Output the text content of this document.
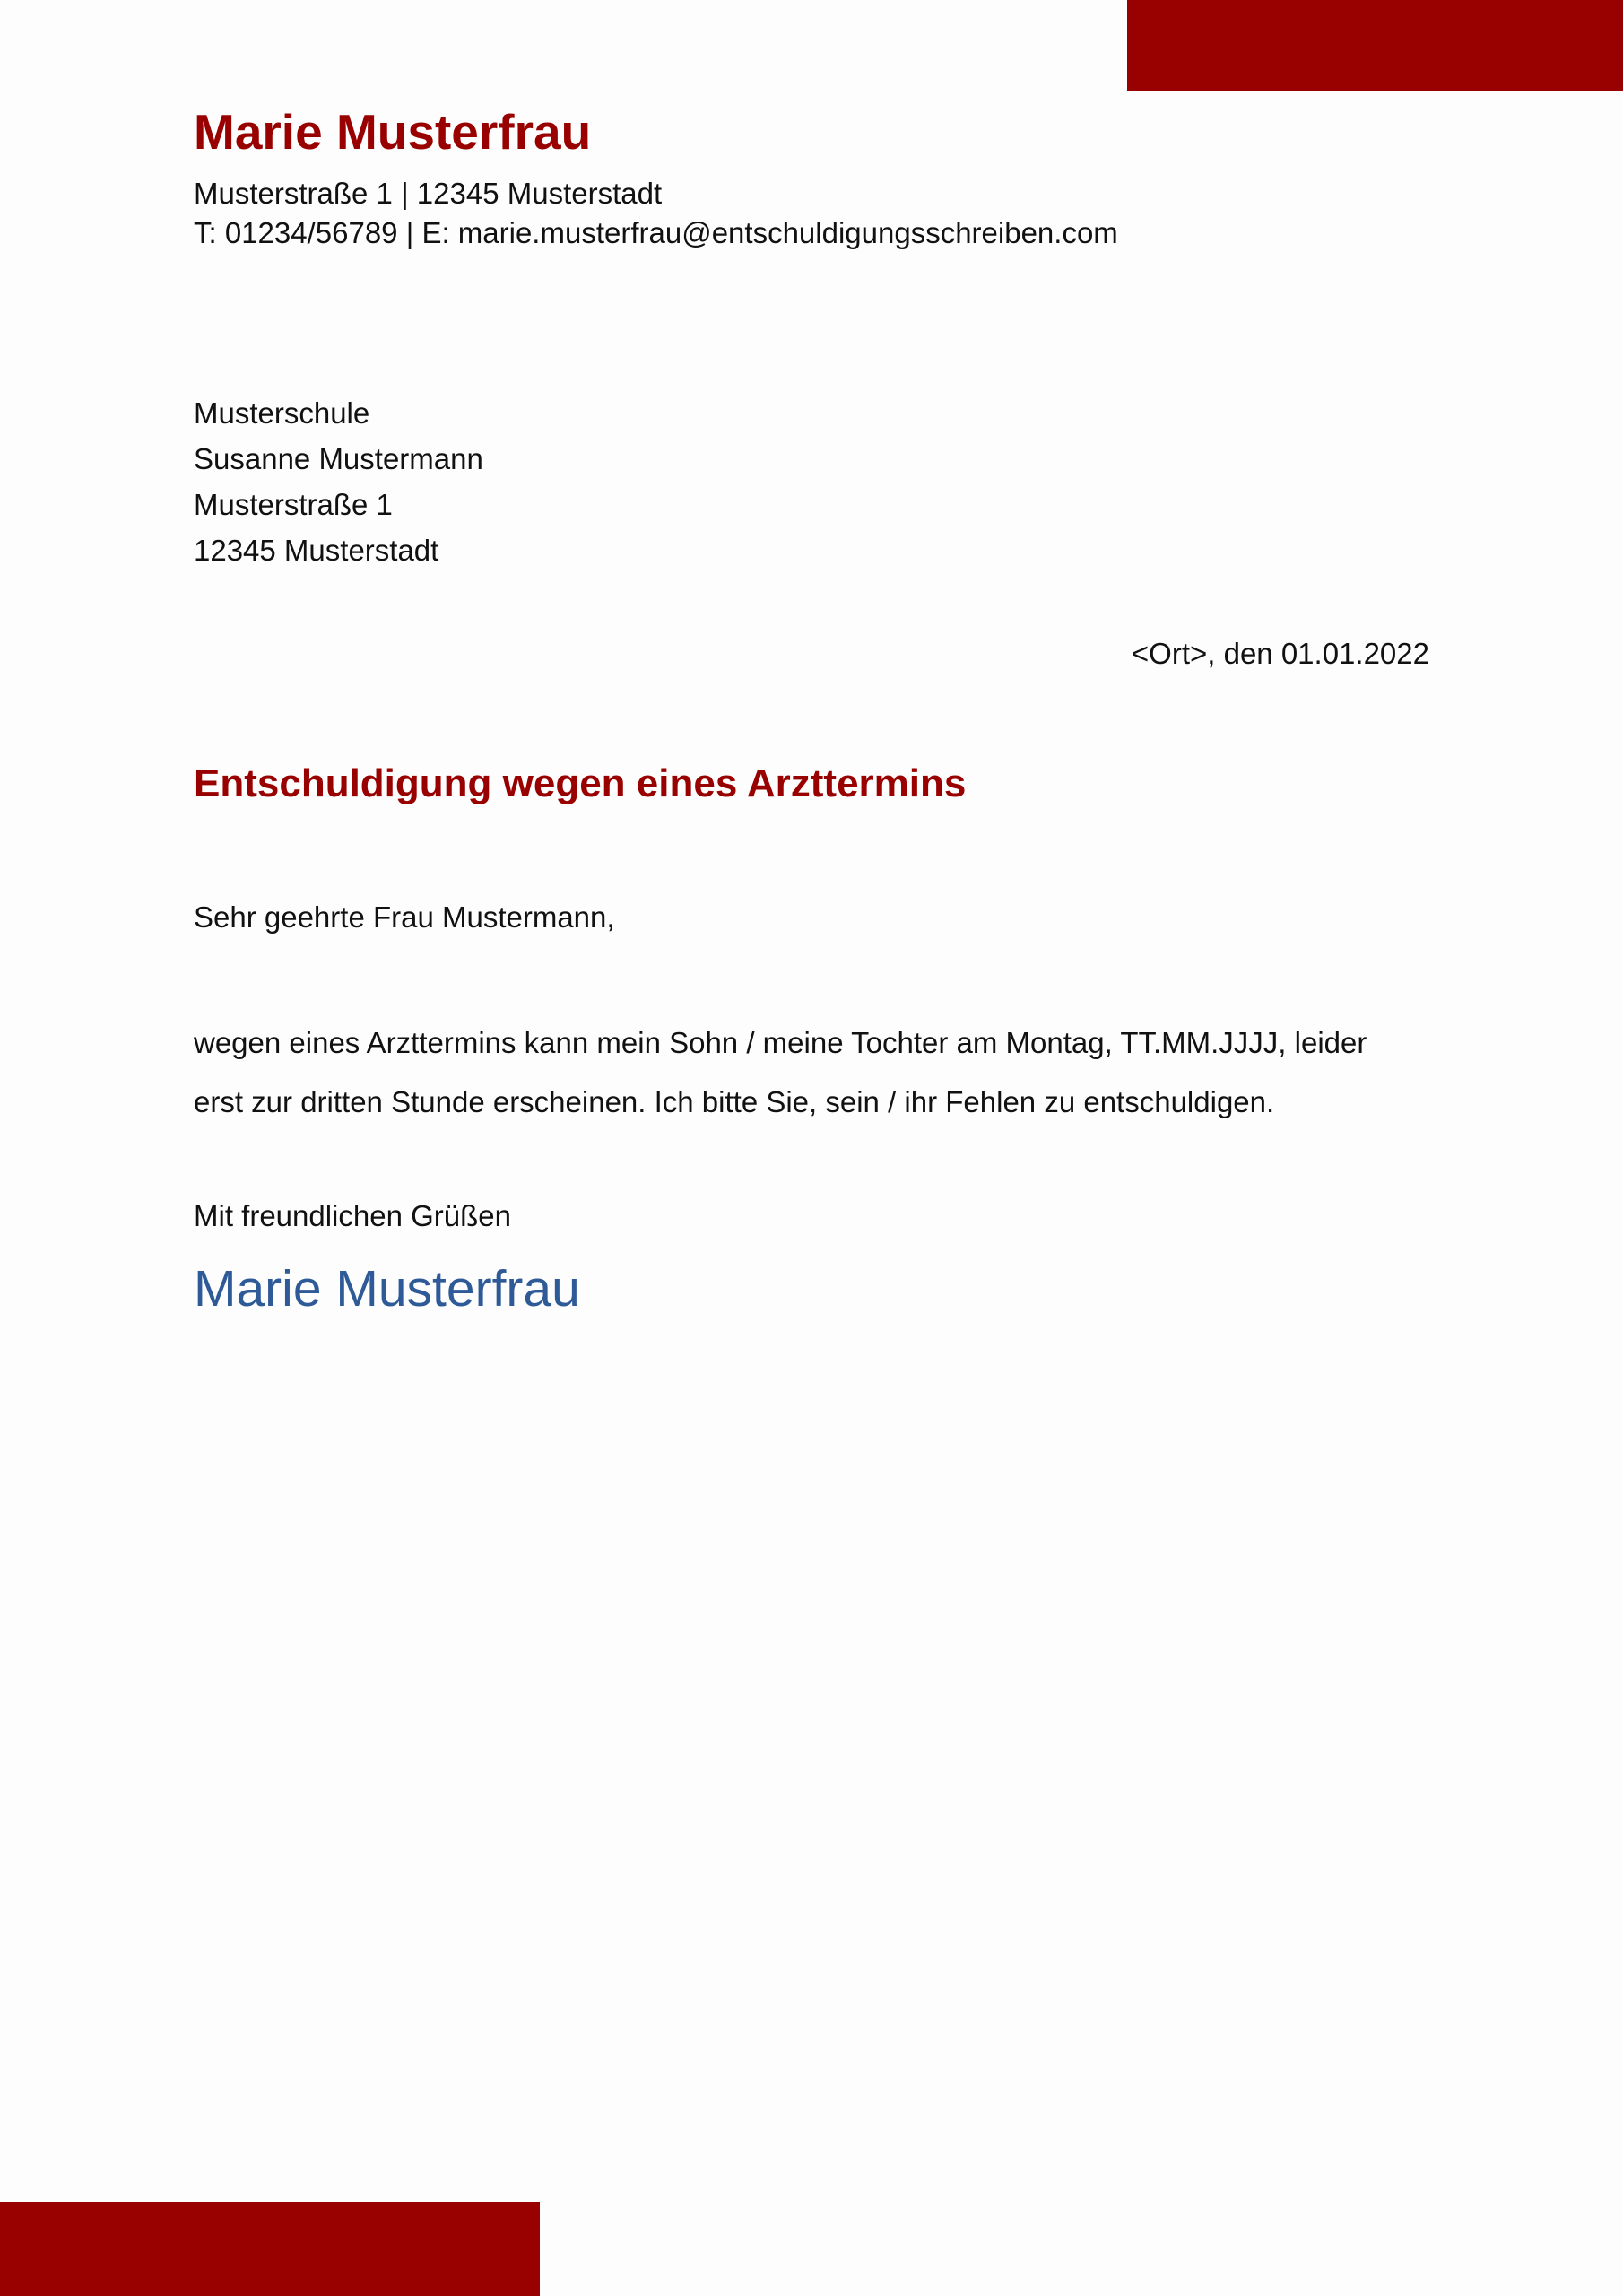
Marie Musterfrau
Musterstraße 1 | 12345 Musterstadt
T: 01234/56789 | E: marie.musterfrau@entschuldigungsschreiben.com
Musterschule
Susanne Mustermann
Musterstraße 1
12345 Musterstadt
<Ort>, den 01.01.2022
Entschuldigung wegen eines Arzttermins

Sehr geehrte Frau Mustermann,

wegen eines Arzttermins kann mein Sohn / meine Tochter am Montag, TT.MM.JJJJ, leider
erst zur dritten Stunde erscheinen. Ich bitte Sie, sein / ihr Fehlen zu entschuldigen.

Mit freundlichen Grüßen

Marie Musterfrau
